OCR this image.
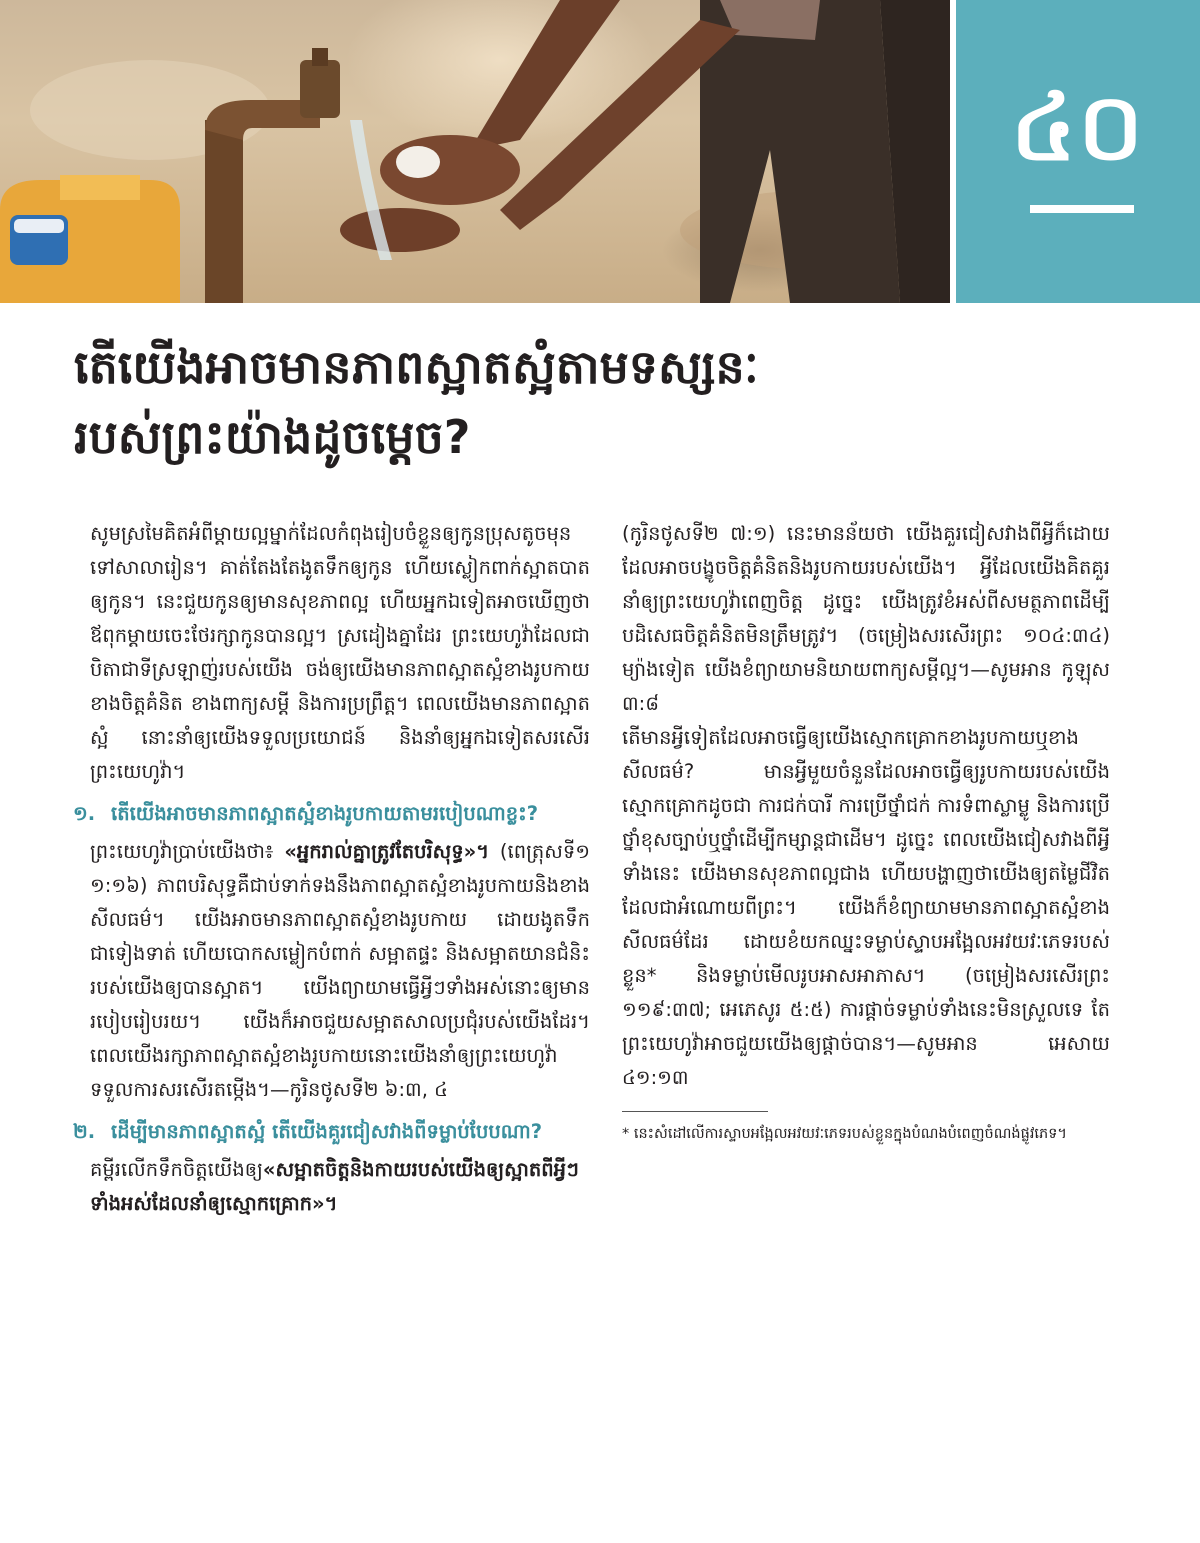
៤០
តើយើងអាចមានភាពស្អាតស្អំតាមទស្សនៈ
របស់ព្រះយ៉ាងដូចម្ដេច?

សូមស្រមៃគិតអំពីម្ដាយល្អម្នាក់ដែលកំពុងរៀបចំខ្លួនឲ្យកូនប្រុសតូចមុនទៅសាលារៀន។ គាត់តែងតែងូតទឹកឲ្យកូន ហើយស្លៀកពាក់ស្អាតបាតឲ្យកូន។ នេះជួយកូនឲ្យមានសុខភាពល្អ ហើយអ្នកឯទៀតអាចឃើញថាឪពុកម្ដាយចេះថែរក្សាកូនបានល្អ។ ស្រដៀងគ្នាដែរ ព្រះយេហូវ៉ាដែលជាបិតាជាទីស្រឡាញ់របស់យើង ចង់ឲ្យយើងមានភាពស្អាតស្អំខាងរូបកាយ ខាងចិត្តគំនិត ខាងពាក្យសម្ដី និងការប្រព្រឹត្ត។ ពេលយើងមានភាពស្អាតស្អំ នោះនាំឲ្យយើងទទួលប្រយោជន៍ និងនាំឲ្យអ្នកឯទៀតសរសើរព្រះយេហូវ៉ា។

១. តើយើងអាចមានភាពស្អាតស្អំខាងរូបកាយតាមរបៀបណាខ្លះ?

ព្រះយេហូវ៉ាប្រាប់យើងថា៖ «អ្នករាល់គ្នាត្រូវតែបរិសុទ្ធ»។ (ពេត្រុសទី១ ១:១៦) ភាពបរិសុទ្ធគឺជាប់ទាក់ទងនឹងភាពស្អាតស្អំខាងរូបកាយនិងខាងសីលធម៌។ យើងអាចមានភាពស្អាតស្អំខាងរូបកាយ ដោយងូតទឹកជាទៀងទាត់ ហើយបោកសម្លៀកបំពាក់ សម្អាតផ្ទះ និងសម្អាតយានជំនិះរបស់យើងឲ្យបានស្អាត។ យើងព្យាយាមធ្វើអ្វីៗទាំងអស់នោះឲ្យមានរបៀបរៀបរយ។ យើងក៏អាចជួយសម្អាតសាលប្រជុំរបស់យើងដែរ។ ពេលយើងរក្សាភាពស្អាតស្អំខាងរូបកាយនោះយើងនាំឲ្យព្រះយេហូវ៉ាទទួលការសរសើរតម្កើង។—កូរិនថូសទី២ ៦:៣, ៤

២. ដើម្បីមានភាពស្អាតស្អំ តើយើងគួរជៀសវាងពីទម្លាប់បែបណា?

គម្ពីរលើកទឹកចិត្តយើងឲ្យ«សម្អាតចិត្តនិងកាយរបស់យើងឲ្យស្អាតពីអ្វីៗទាំងអស់ដែលនាំឲ្យស្មោកគ្រោក»។

(កូរិនថូសទី២ ៧:១) នេះមានន័យថា យើងគួរជៀសវាងពីអ្វីក៏ដោយដែលអាចបង្ខូចចិត្តគំនិតនិងរូបកាយរបស់យើង។ អ្វីដែលយើងគិតគួរនាំឲ្យព្រះយេហូវ៉ាពេញចិត្ត ដូច្នេះ យើងត្រូវខំអស់ពីសមត្ថភាពដើម្បីបដិសេធចិត្តគំនិតមិនត្រឹមត្រូវ។ (ចម្រៀងសរសើរព្រះ ១០៤:៣៤) ម្យ៉ាងទៀត យើងខំព្យាយាមនិយាយពាក្យសម្ដីល្អ។—សូមអាន កូឡុស ៣:៨

តើមានអ្វីទៀតដែលអាចធ្វើឲ្យយើងស្មោកគ្រោកខាងរូបកាយឬខាងសីលធម៌? មានអ្វីមួយចំនួនដែលអាចធ្វើឲ្យរូបកាយរបស់យើងស្មោកគ្រោកដូចជា ការជក់បារី ការប្រើថ្នាំជក់ ការទំពាស្លាម្លូ និងការប្រើថ្នាំខុសច្បាប់ឬថ្នាំដើម្បីកម្សាន្តជាដើម។ ដូច្នេះ ពេលយើងជៀសវាងពីអ្វីទាំងនេះ យើងមានសុខភាពល្អជាង ហើយបង្ហាញថាយើងឲ្យតម្លៃជីវិតដែលជាអំណោយពីព្រះ។ យើងក៏ខំព្យាយាមមានភាពស្អាតស្អំខាងសីលធម៌ដែរ ដោយខំយកឈ្នះទម្លាប់ស្ទាបអង្អែលអវយវៈភេទរបស់ខ្លួន* និងទម្លាប់មើលរូបអាសអាភាស។ (ចម្រៀងសរសើរព្រះ ១១៩:៣៧; អេភេសូរ ៥:៥) ការផ្ដាច់ទម្លាប់ទាំងនេះមិនស្រួលទេ តែព្រះយេហូវ៉ាអាចជួយយើងឲ្យផ្ដាច់បាន។—សូមអាន អេសាយ ៤១:១៣

* នេះសំដៅលើការស្ទាបអង្អែលអវយវៈភេទរបស់ខ្លួនក្នុងបំណងបំពេញចំណង់ផ្លូវភេទ។
